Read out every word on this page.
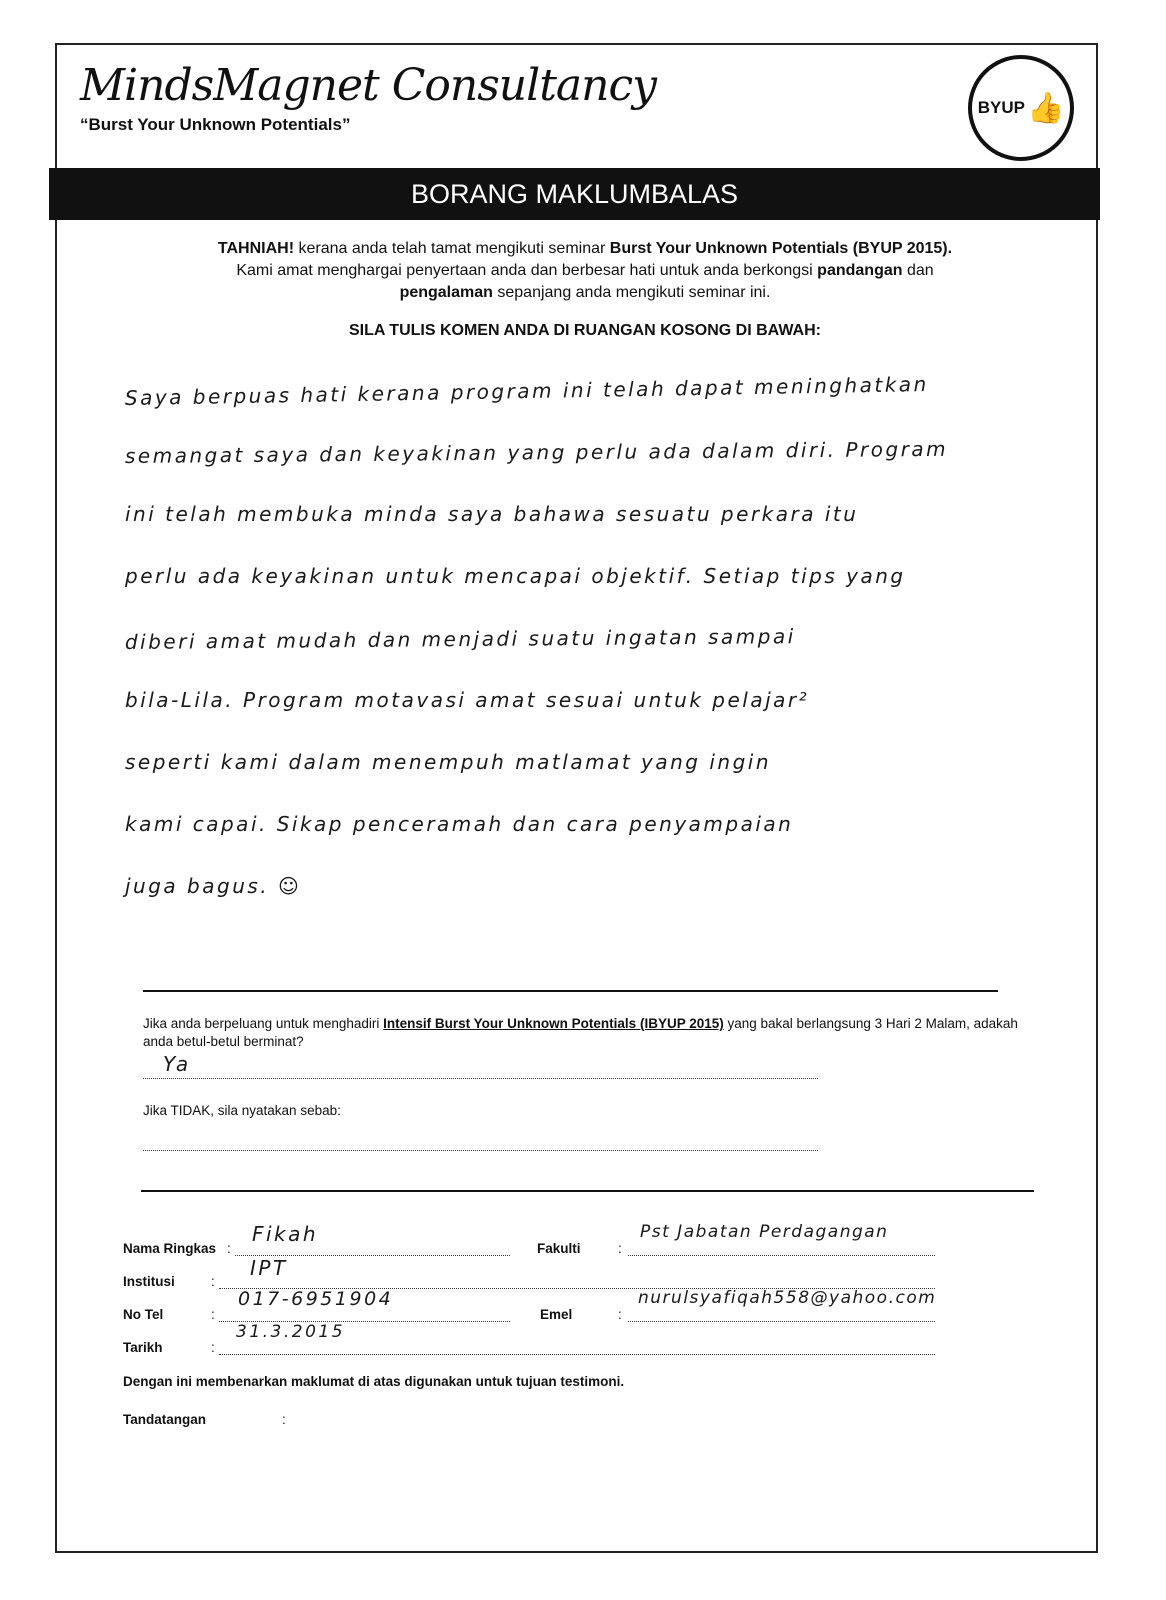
MindsMagnet Consultancy
“Burst Your Unknown Potentials”
BYUP 👍
BORANG MAKLUMBALAS
TAHNIAH! kerana anda telah tamat mengikuti seminar Burst Your Unknown Potentials (BYUP 2015).
Kami amat menghargai penyertaan anda dan berbesar hati untuk anda berkongsi pandangan dan
pengalaman sepanjang anda mengikuti seminar ini.
SILA TULIS KOMEN ANDA DI RUANGAN KOSONG DI BAWAH:
Saya berpuas hati kerana program ini telah dapat meninghatkan
semangat saya dan keyakinan yang perlu ada dalam diri. Program
ini telah membuka minda saya bahawa sesuatu perkara itu
perlu ada keyakinan untuk mencapai objektif. Setiap tips yang
diberi amat mudah dan menjadi suatu ingatan sampai
bila-Lila. Program motavasi amat sesuai untuk pelajar²
seperti kami dalam menempuh matlamat yang ingin
kami capai. Sikap penceramah dan cara penyampaian
juga bagus. ☺
Jika anda berpeluang untuk menghadiri Intensif Burst Your Unknown Potentials (IBYUP 2015) yang bakal berlangsung 3 Hari 2 Malam, adakah anda betul-betul berminat?
Ya
Jika TIDAK, sila nyatakan sebab:
Nama Ringkas :
Fikah
Fakulti	:
Pst Jabatan Perdagangan
Institusi	:
IPT
No Tel	:
017-6951904
Emel	:
nurulsyafiqah558@yahoo.com
Tarikh	:
31.3.2015
Dengan ini membenarkan maklumat di atas digunakan untuk tujuan testimoni.
Tandatangan	:
